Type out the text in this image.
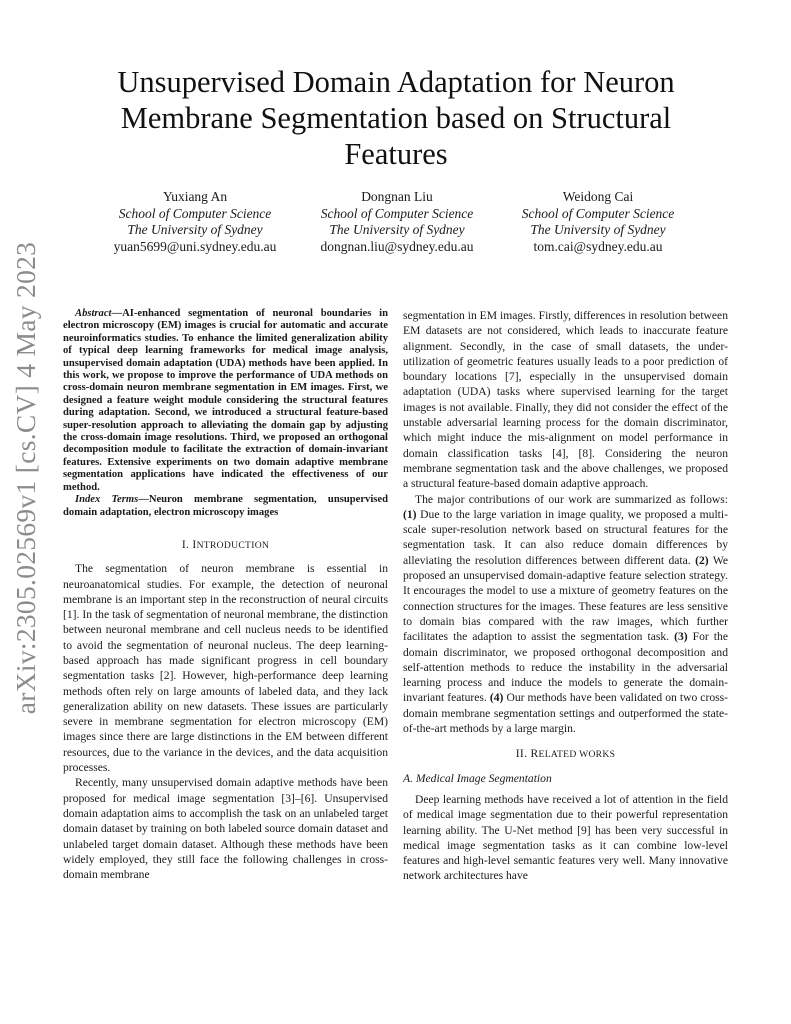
arXiv:2305.02569v1 [cs.CV] 4 May 2023
Unsupervised Domain Adaptation for Neuron Membrane Segmentation based on Structural Features
Yuxiang An
School of Computer Science
The University of Sydney
yuan5699@uni.sydney.edu.au
Dongnan Liu
School of Computer Science
The University of Sydney
dongnan.liu@sydney.edu.au
Weidong Cai
School of Computer Science
The University of Sydney
tom.cai@sydney.edu.au

Abstract—AI-enhanced segmentation of neuronal boundaries in electron microscopy (EM) images is crucial for automatic and accurate neuroinformatics studies. To enhance the limited generalization ability of typical deep learning frameworks for medical image analysis, unsupervised domain adaptation (UDA) methods have been applied. In this work, we propose to improve the performance of UDA methods on cross-domain neuron membrane segmentation in EM images. First, we designed a feature weight module considering the structural features during adaptation. Second, we introduced a structural feature-based super-resolution approach to alleviating the domain gap by adjusting the cross-domain image resolutions. Third, we proposed an orthogonal decomposition module to facilitate the extraction of domain-invariant features. Extensive experiments on two domain adaptive membrane segmentation applications have indicated the effectiveness of our method.

Index Terms—Neuron membrane segmentation, unsupervised domain adaptation, electron microscopy images

I. INTRODUCTION

The segmentation of neuron membrane is essential in neuroanatomical studies. For example, the detection of neuronal membrane is an important step in the reconstruction of neural circuits [1]. In the task of segmentation of neuronal membrane, the distinction between neuronal membrane and cell nucleus needs to be identified to avoid the segmentation of neuronal nucleus. The deep learning-based approach has made significant progress in cell boundary segmentation tasks [2]. However, high-performance deep learning methods often rely on large amounts of labeled data, and they lack generalization ability on new datasets. These issues are particularly severe in membrane segmentation for electron microscopy (EM) images since there are large distinctions in the EM between different resources, due to the variance in the devices, and the data acquisition processes.

Recently, many unsupervised domain adaptive methods have been proposed for medical image segmentation [3]–[6]. Unsupervised domain adaptation aims to accomplish the task on an unlabeled target domain dataset by training on both labeled source domain dataset and unlabeled target domain dataset. Although these methods have been widely employed, they still face the following challenges in cross-domain membrane

segmentation in EM images. Firstly, differences in resolution between EM datasets are not considered, which leads to inaccurate feature alignment. Secondly, in the case of small datasets, the under-utilization of geometric features usually leads to a poor prediction of boundary locations [7], especially in the unsupervised domain adaptation (UDA) tasks where supervised learning for the target images is not available. Finally, they did not consider the effect of the unstable adversarial learning process for the domain discriminator, which might induce the mis-alignment on model performance in domain classification tasks [4], [8]. Considering the neuron membrane segmentation task and the above challenges, we proposed a structural feature-based domain adaptive approach.

The major contributions of our work are summarized as follows: (1) Due to the large variation in image quality, we proposed a multi-scale super-resolution network based on structural features for the segmentation task. It can also reduce domain differences by alleviating the resolution differences between different data. (2) We proposed an unsupervised domain-adaptive feature selection strategy. It encourages the model to use a mixture of geometry features on the connection structures for the images. These features are less sensitive to domain bias compared with the raw images, which further facilitates the adaption to assist the segmentation task. (3) For the domain discriminator, we proposed orthogonal decomposition and self-attention methods to reduce the instability in the adversarial learning process and induce the models to generate the domain-invariant features. (4) Our methods have been validated on two cross-domain membrane segmentation settings and outperformed the state-of-the-art methods by a large margin.

II. RELATED WORKS

A. Medical Image Segmentation

Deep learning methods have received a lot of attention in the field of medical image segmentation due to their powerful representation learning ability. The U-Net method [9] has been very successful in medical image segmentation tasks as it can combine low-level features and high-level semantic features very well. Many innovative network architectures have
